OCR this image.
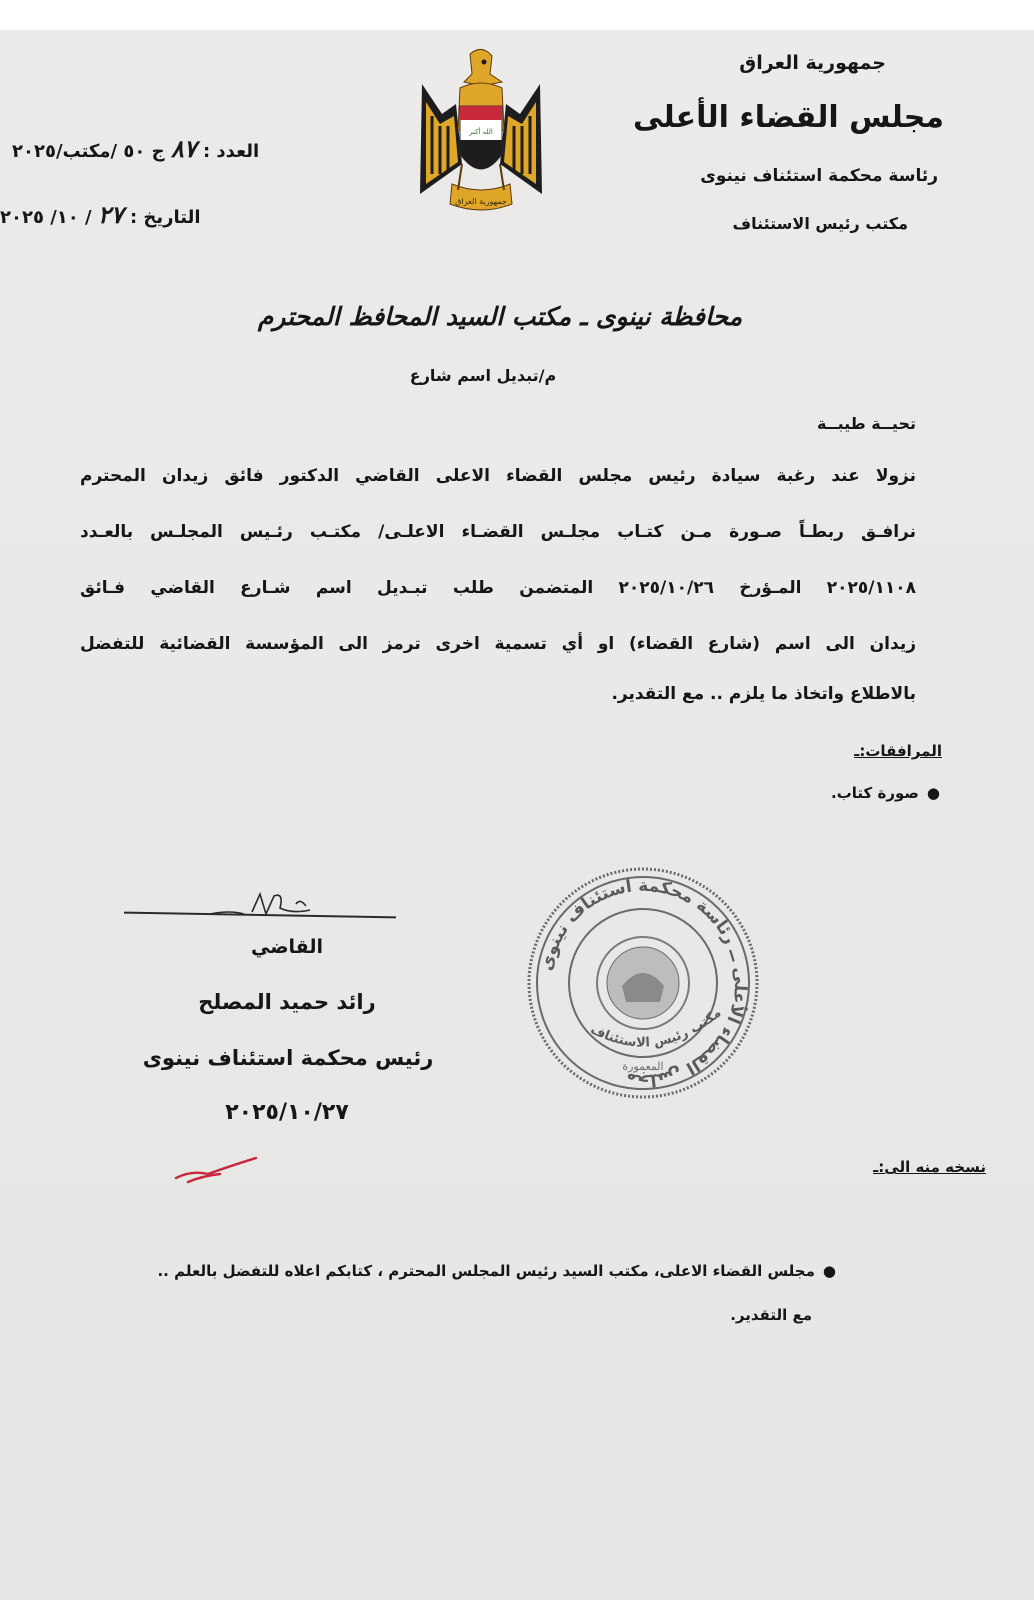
جمهورية العراق
مجلس القضاء الأعلى
رئاسة محكمة استئناف نينوى
مكتب رئيس الاستئناف
الله أكبر
جمهورية العراق
العدد : ٨٧ ج ٥٠ /مكتب/٢٠٢٥
التاريخ : ٢٧ / ١٠/ ٢٠٢٥
محافظة نينوى ـ مكتب السيد المحافظ المحترم
م/تبديل اسم شارع
تحيــة طيبــة
نزولا عند رغبة سيادة رئيس مجلس القضاء الاعلى القاضي الدكتور فائق زيدان المحترم
نرافـق ربطـاً صـورة مـن كتـاب مجلـس القضـاء الاعلـى/ مكتـب رئـيس المجلـس بالعـدد
٢٠٢٥/١١٠٨ المـؤرخ ٢٠٢٥/١٠/٢٦ المتضمن طلب تبـديل اسم شـارع القاضي فـائق
زيدان الى اسم (شارع القضاء) او أي تسمية اخرى ترمز الى المؤسسة القضائية للتفضل
بالاطلاع واتخاذ ما يلزم .. مع التقدير.
المرافقات:ـ
●صورة كتاب.
القاضي
رائد حميد المصلح
رئيس محكمة استئناف نينوى
٢٠٢٥/١٠/٢٧
مجلس القضاء الأعلى ــ رئاسة محكمة استئناف نينوى
مكتب رئيس الاستئناف
المعمورة
نسخه منه الى:ـ
●مجلس القضاء الاعلى، مكتب السيد رئيس المجلس المحترم ، كتابكم اعلاه للتفضل بالعلم ..
مع التقدير.
